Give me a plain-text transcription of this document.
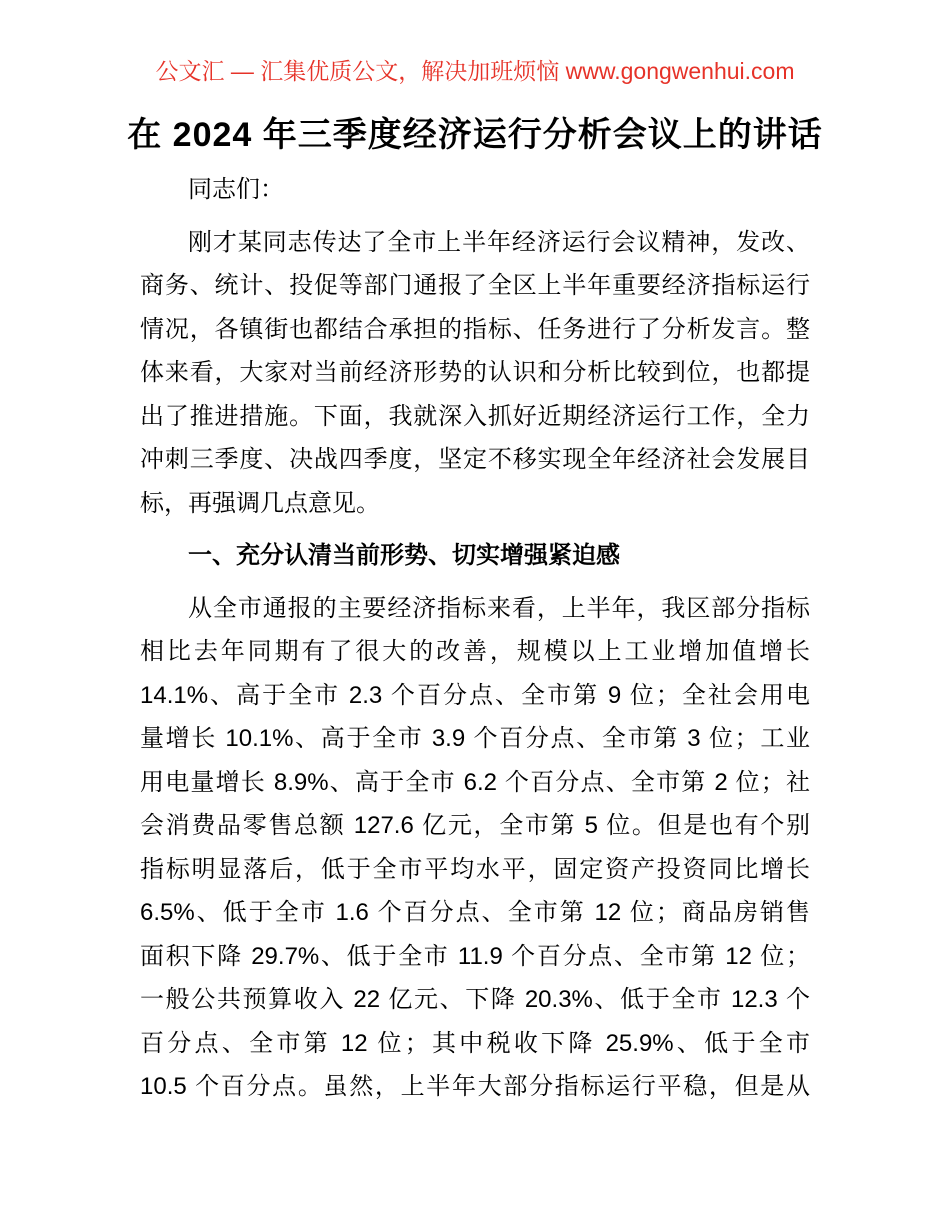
公文汇 — 汇集优质公文，解决加班烦恼 www.gongwenhui.com
在 2024 年三季度经济运行分析会议上的讲话
同志们：
刚才某同志传达了全市上半年经济运行会议精神，发改、
商务、统计、投促等部门通报了全区上半年重要经济指标运行
情况，各镇街也都结合承担的指标、任务进行了分析发言。整
体来看，大家对当前经济形势的认识和分析比较到位，也都提
出了推进措施。下面，我就深入抓好近期经济运行工作，全力
冲刺三季度、决战四季度，坚定不移实现全年经济社会发展目
标，再强调几点意见。
一、充分认清当前形势、切实增强紧迫感
从全市通报的主要经济指标来看，上半年，我区部分指标
相比去年同期有了很大的改善，规模以上工业增加值增长
14.1%、高于全市 2.3 个百分点、全市第 9 位；全社会用电
量增长 10.1%、高于全市 3.9 个百分点、全市第 3 位；工业
用电量增长 8.9%、高于全市 6.2 个百分点、全市第 2 位；社
会消费品零售总额 127.6 亿元，全市第 5 位。但是也有个别
指标明显落后，低于全市平均水平，固定资产投资同比增长
6.5%、低于全市 1.6 个百分点、全市第 12 位；商品房销售
面积下降 29.7%、低于全市 11.9 个百分点、全市第 12 位；
一般公共预算收入 22 亿元、下降 20.3%、低于全市 12.3 个
百分点、全市第 12 位；其中税收下降 25.9%、低于全市
10.5 个百分点。虽然，上半年大部分指标运行平稳，但是从
